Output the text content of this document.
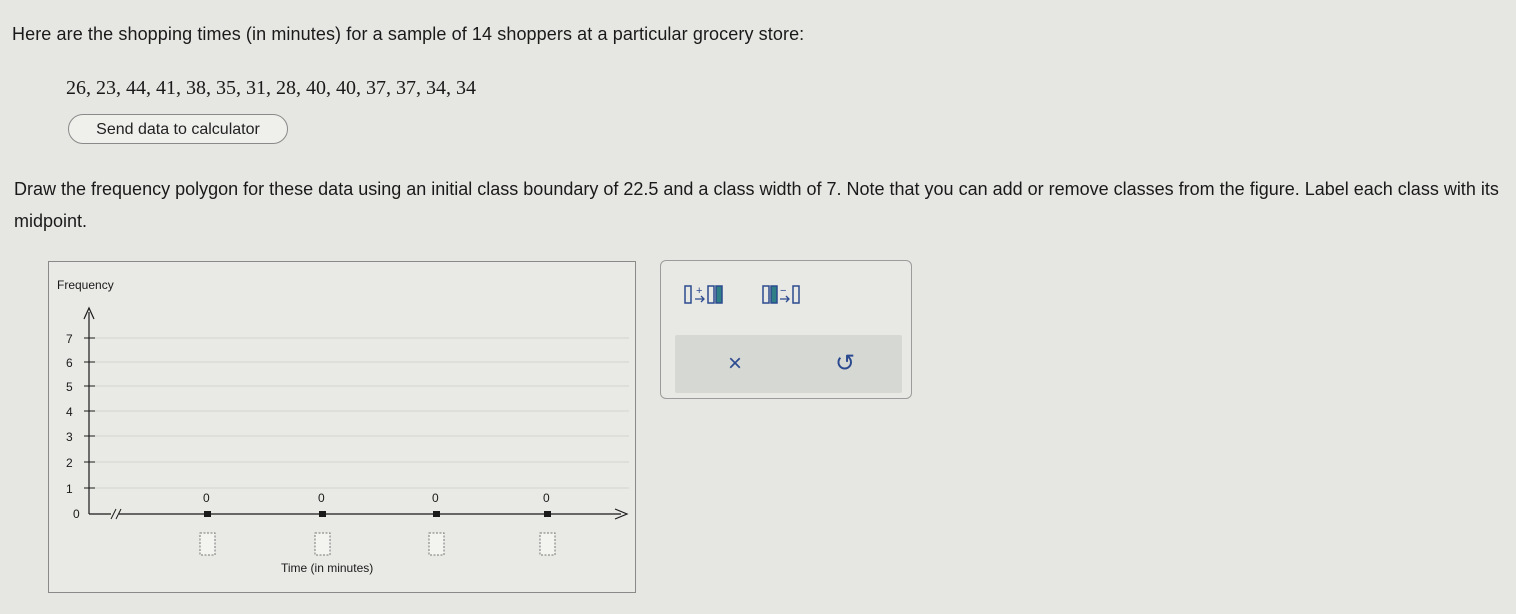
Here are the shopping times (in minutes) for a sample of 14 shoppers at a particular grocery store:
26, 23, 44, 41, 38, 35, 31, 28, 40, 40, 37, 37, 34, 34
Send data to calculator
Draw the frequency polygon for these data using an initial class boundary of 22.5 and a class width of 7. Note that you can add or remove classes from the figure. Label each class with its midpoint.
Frequency
0
1
2
3
4
5
6
7
0	0	0	0
Time (in minutes)
+	−
×	↺
